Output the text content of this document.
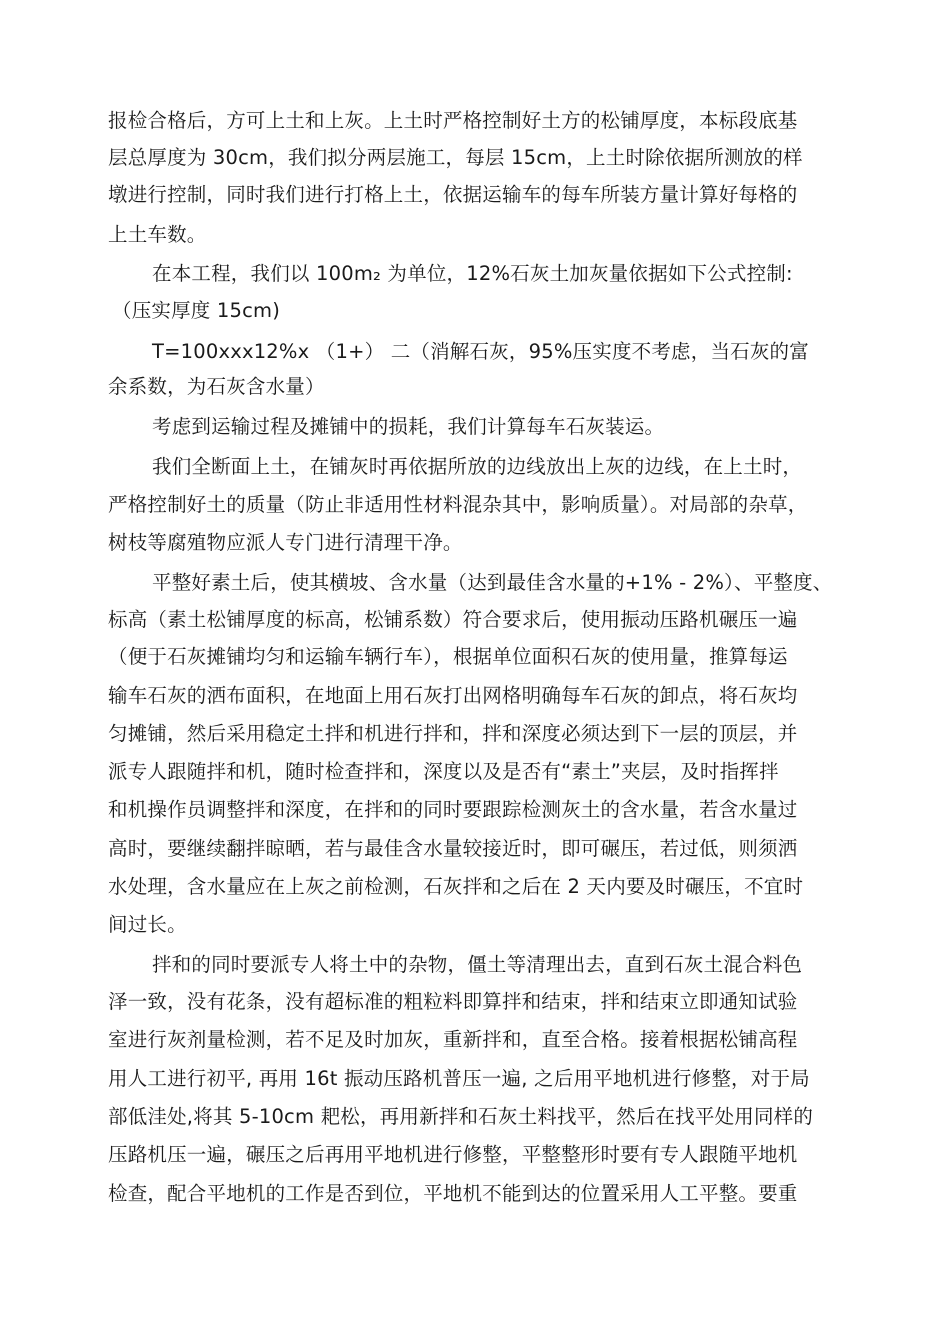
报检合格后，方可上土和上灰。上土时严格控制好土方的松铺厚度，本标段底基
层总厚度为 30cm，我们拟分两层施工，每层 15cm，上土时除依据所测放的样
墩进行控制，同时我们进行打格上土，依据运输车的每车所装方量计算好每格的
上土车数。
在本工程，我们以 100m₂ 为单位，12%石灰土加灰量依据如下公式控制:
（压实厚度 15cm)
T=100xxx12%x （1+） 二（消解石灰，95%压实度不考虑，当石灰的富
余系数，为石灰含水量）
考虑到运输过程及摊铺中的损耗，我们计算每车石灰装运。
我们全断面上土，在铺灰时再依据所放的边线放出上灰的边线，在上土时，
严格控制好土的质量（防止非适用性材料混杂其中，影响质量）。对局部的杂草，
树枝等腐殖物应派人专门进行清理干净。
平整好素土后，使其横坡、含水量（达到最佳含水量的+1% - 2%）、平整度、
标高（素土松铺厚度的标高，松铺系数）符合要求后，使用振动压路机碾压一遍
（便于石灰摊铺均匀和运输车辆行车），根据单位面积石灰的使用量，推算每运
输车石灰的洒布面积，在地面上用石灰打出网格明确每车石灰的卸点，将石灰均
匀摊铺，然后采用稳定土拌和机进行拌和，拌和深度必须达到下一层的顶层，并
派专人跟随拌和机，随时检查拌和，深度以及是否有“素土”夹层，及时指挥拌
和机操作员调整拌和深度，在拌和的同时要跟踪检测灰土的含水量，若含水量过
高时，要继续翻拌晾晒，若与最佳含水量较接近时，即可碾压，若过低，则须洒
水处理，含水量应在上灰之前检测，石灰拌和之后在 2 天内要及时碾压，不宜时
间过长。
拌和的同时要派专人将土中的杂物，僵土等清理出去，直到石灰土混合料色
泽一致，没有花条，没有超标准的粗粒料即算拌和结束，拌和结束立即通知试验
室进行灰剂量检测，若不足及时加灰，重新拌和，直至合格。接着根据松铺高程
用人工进行初平, 再用 16t 振动压路机普压一遍, 之后用平地机进行修整，对于局
部低洼处,将其 5-10cm 耙松，再用新拌和石灰土料找平，然后在找平处用同样的
压路机压一遍，碾压之后再用平地机进行修整，平整整形时要有专人跟随平地机
检查，配合平地机的工作是否到位，平地机不能到达的位置采用人工平整。要重
